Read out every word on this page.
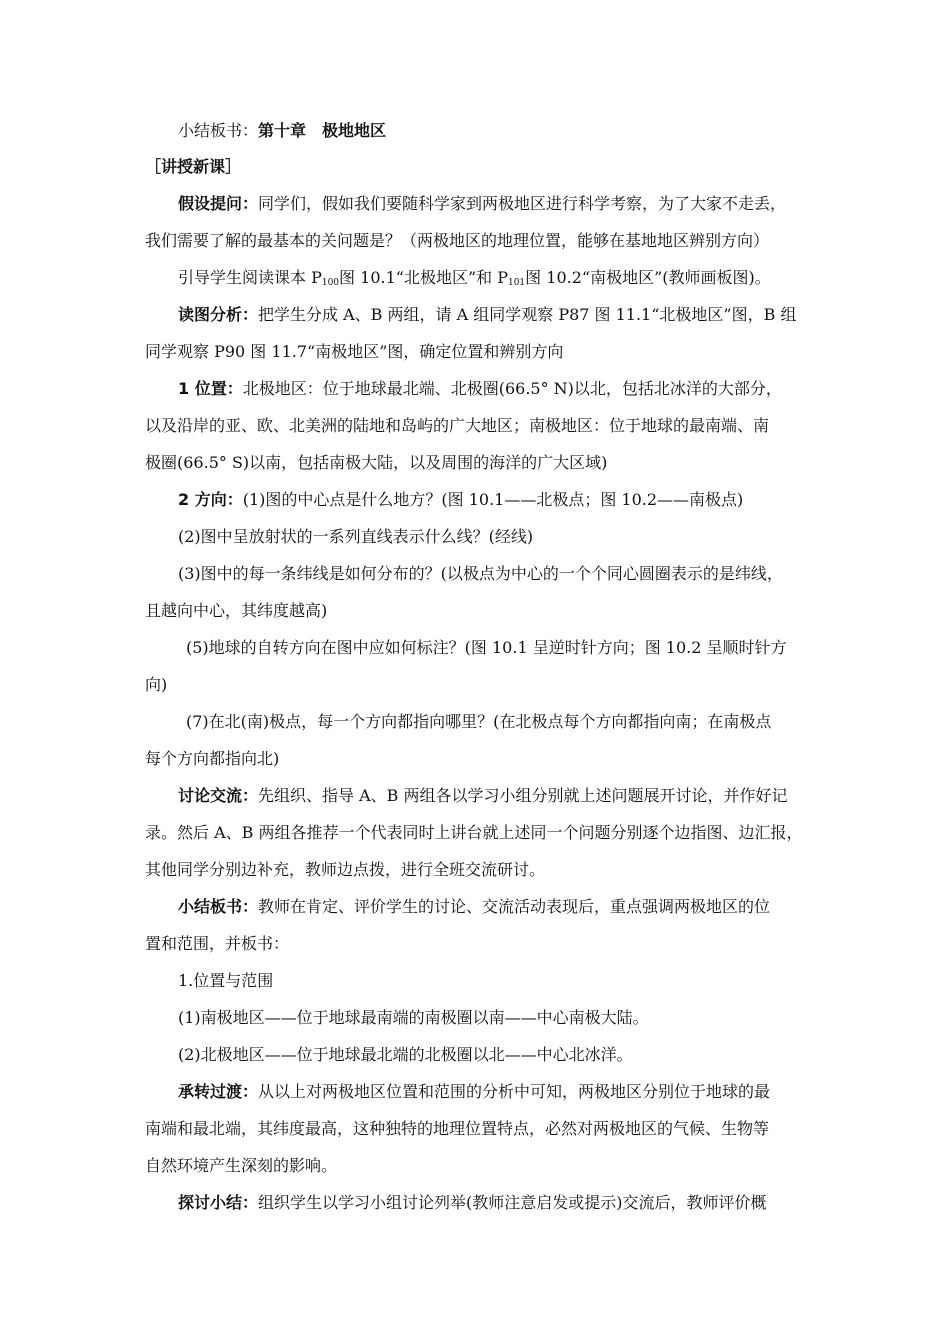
小结板书：第十章　极地地区
［讲授新课］
假设提问：同学们，假如我们要随科学家到两极地区进行科学考察，为了大家不走丢，
我们需要了解的最基本的关问题是？（两极地区的地理位置，能够在基地地区辨别方向）
引导学生阅读课本 $P_{100}$图 10.1“北极地区”和 $P_{101}$图 10.2“南极地区”(教师画板图)。
读图分析：把学生分成 A、B 两组，请 A 组同学观察 P87 图 11.1“北极地区”图，B 组
同学观察 P90 图 11.7“南极地区”图，确定位置和辨别方向
1 位置：北极地区：位于地球最北端、北极圈(66.5° N)以北，包括北冰洋的大部分，
以及沿岸的亚、欧、北美洲的陆地和岛屿的广大地区；南极地区：位于地球的最南端、南
极圈(66.5° S)以南，包括南极大陆，以及周围的海洋的广大区域)
2 方向：(1)图的中心点是什么地方？(图 10.1——北极点；图 10.2——南极点)
(2)图中呈放射状的一系列直线表示什么线？(经线)
(3)图中的每一条纬线是如何分布的？(以极点为中心的一个个同心圆圈表示的是纬线，
且越向中心，其纬度越高)
(5)地球的自转方向在图中应如何标注？(图 10.1 呈逆时针方向；图 10.2 呈顺时针方
向)
(7)在北(南)极点，每一个方向都指向哪里？(在北极点每个方向都指向南；在南极点
每个方向都指向北)
讨论交流：先组织、指导 A、B 两组各以学习小组分别就上述问题展开讨论，并作好记
录。然后 A、B 两组各推荐一个代表同时上讲台就上述同一个问题分别逐个边指图、边汇报，
其他同学分别边补充，教师边点拨，进行全班交流研讨。
小结板书：教师在肯定、评价学生的讨论、交流活动表现后，重点强调两极地区的位
置和范围，并板书：
1.位置与范围
(1)南极地区——位于地球最南端的南极圈以南——中心南极大陆。
(2)北极地区——位于地球最北端的北极圈以北——中心北冰洋。
承转过渡：从以上对两极地区位置和范围的分析中可知，两极地区分别位于地球的最
南端和最北端，其纬度最高，这种独特的地理位置特点，必然对两极地区的气候、生物等
自然环境产生深刻的影响。
探讨小结：组织学生以学习小组讨论列举(教师注意启发或提示)交流后，教师评价概
